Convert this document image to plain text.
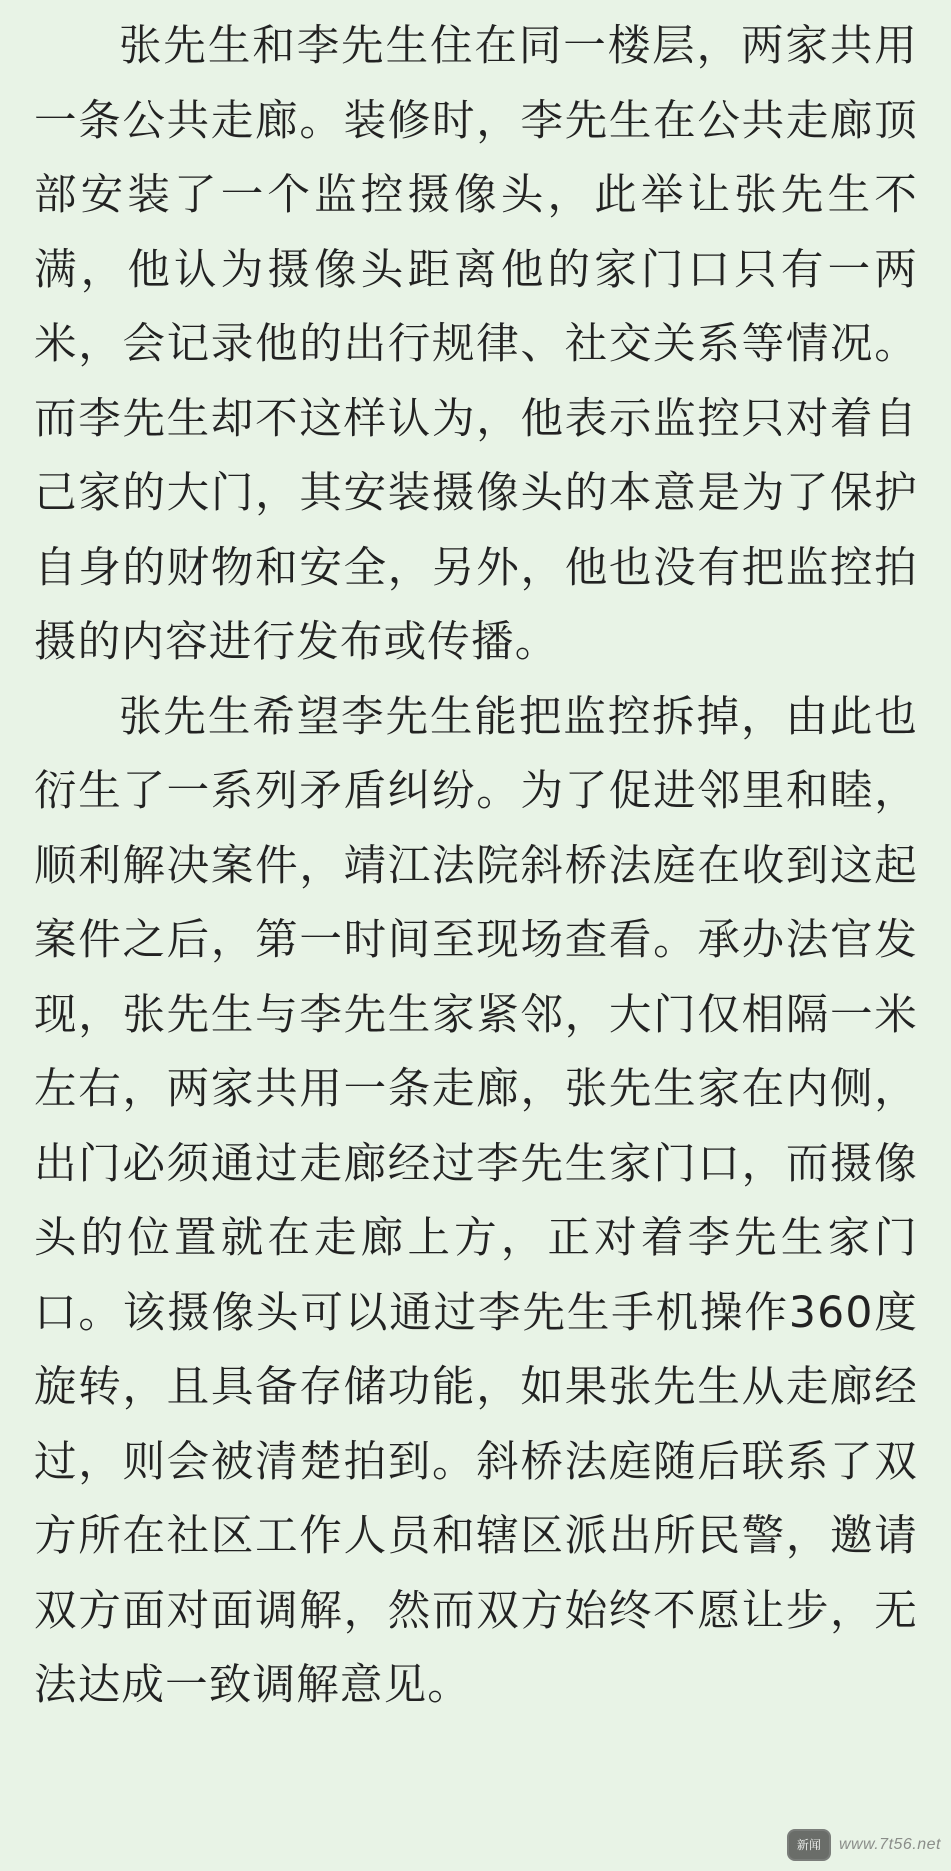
张先生和李先生住在同一楼层，两家共用一条公共走廊。装修时，李先生在公共走廊顶部安装了一个监控摄像头，此举让张先生不满，他认为摄像头距离他的家门口只有一两米，会记录他的出行规律、社交关系等情况。而李先生却不这样认为，他表示监控只对着自己家的大门，其安装摄像头的本意是为了保护自身的财物和安全，另外，他也没有把监控拍摄的内容进行发布或传播。

张先生希望李先生能把监控拆掉，由此也衍生了一系列矛盾纠纷。为了促进邻里和睦，顺利解决案件，靖江法院斜桥法庭在收到这起案件之后，第一时间至现场查看。承办法官发现，张先生与李先生家紧邻，大门仅相隔一米左右，两家共用一条走廊，张先生家在内侧，出门必须通过走廊经过李先生家门口，而摄像头的位置就在走廊上方，正对着李先生家门口。该摄像头可以通过李先生手机操作360度旋转，且具备存储功能，如果张先生从走廊经过，则会被清楚拍到。斜桥法庭随后联系了双方所在社区工作人员和辖区派出所民警，邀请双方面对面调解，然而双方始终不愿让步，无法达成一致调解意见。

新闻	www.7t56.net
